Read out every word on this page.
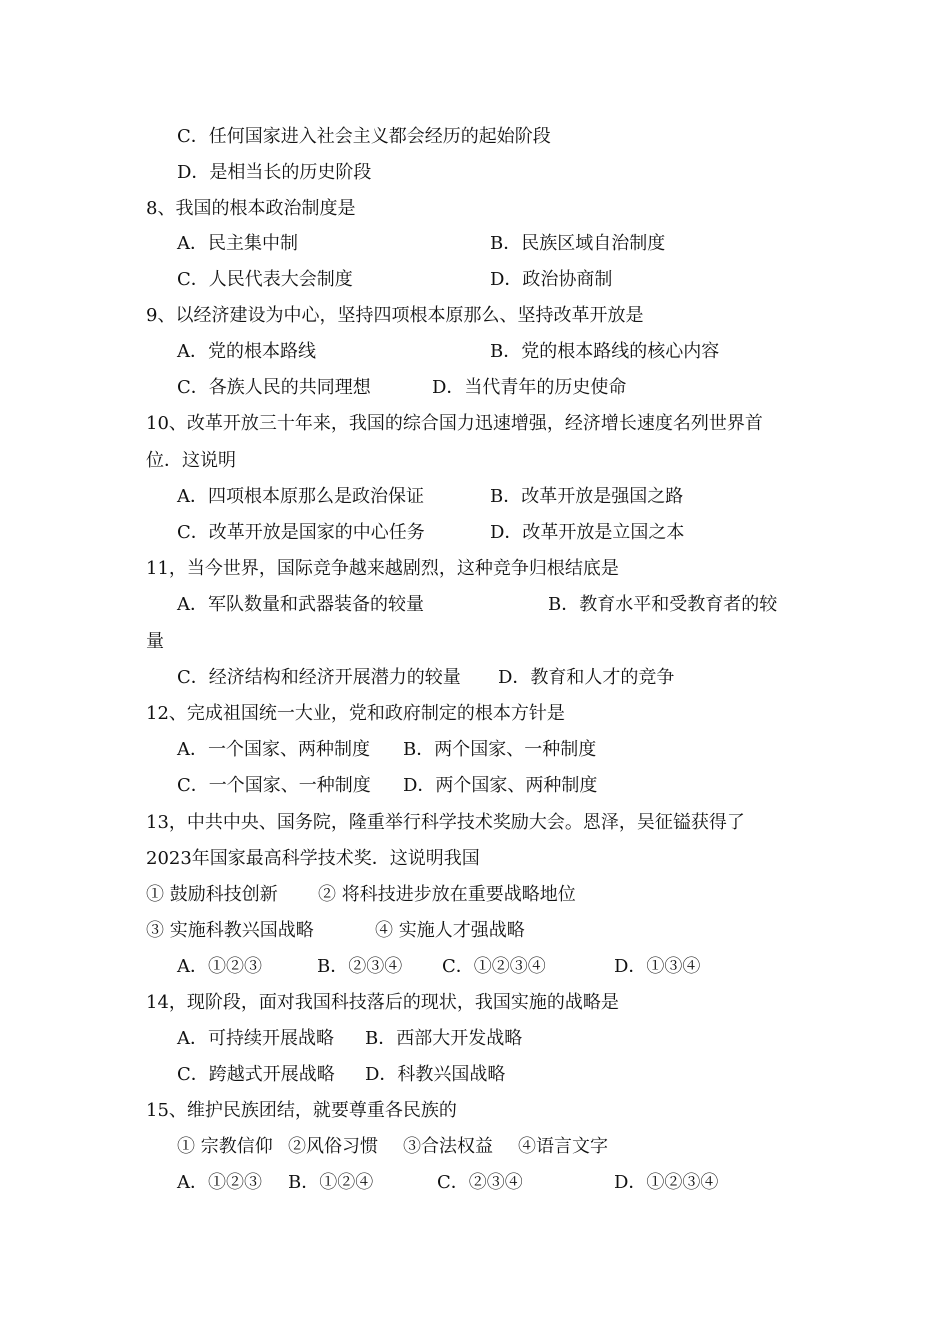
C．任何国家进入社会主义都会经历的起始阶段

D．是相当长的历史阶段

8、我国的根本政治制度是

A．民主集中制	B．民族区域自治制度

C．人民代表大会制度	D．政治协商制

9、以经济建设为中心，坚持四项根本原那么、坚持改革开放是

A．党的根本路线	B．党的根本路线的核心内容

C．各族人民的共同理想	D．当代青年的历史使命

10、改革开放三十年来，我国的综合国力迅速增强，经济增长速度名列世界首

位．这说明

A．四项根本原那么是政治保证	B．改革开放是强国之路

C．改革开放是国家的中心任务	D．改革开放是立国之本

11，当今世界，国际竞争越来越剧烈，这种竞争归根结底是

A．军队数量和武器装备的较量	B．教育水平和受教育者的较

量

C．经济结构和经济开展潜力的较量 D．教育和人才的竞争

12、完成祖国统一大业，党和政府制定的根本方针是

A．一个国家、两种制度 B．两个国家、一种制度

C．一个国家、一种制度 D．两个国家、两种制度

13，中共中央、国务院，隆重举行科学技术奖励大会。恩泽，吴征镒获得了

2023年国家最高科学技术奖．这说明我国

① 鼓励科技创新 ② 将科技进步放在重要战略地位

③ 实施科教兴国战略	④ 实施人才强战略

A．①②③	B．②③④ C．①②③④	D．①③④

14，现阶段，面对我国科技落后的现状，我国实施的战略是

A．可持续开展战略 B．西部大开发战略

C．跨越式开展战略 D．科教兴国战略

15、维护民族团结，就要尊重各民族的

① 宗教信仰 ②风俗习惯 ③合法权益 ④语言文字

A．①②③ B．①②④	C．②③④	D．①②③④
